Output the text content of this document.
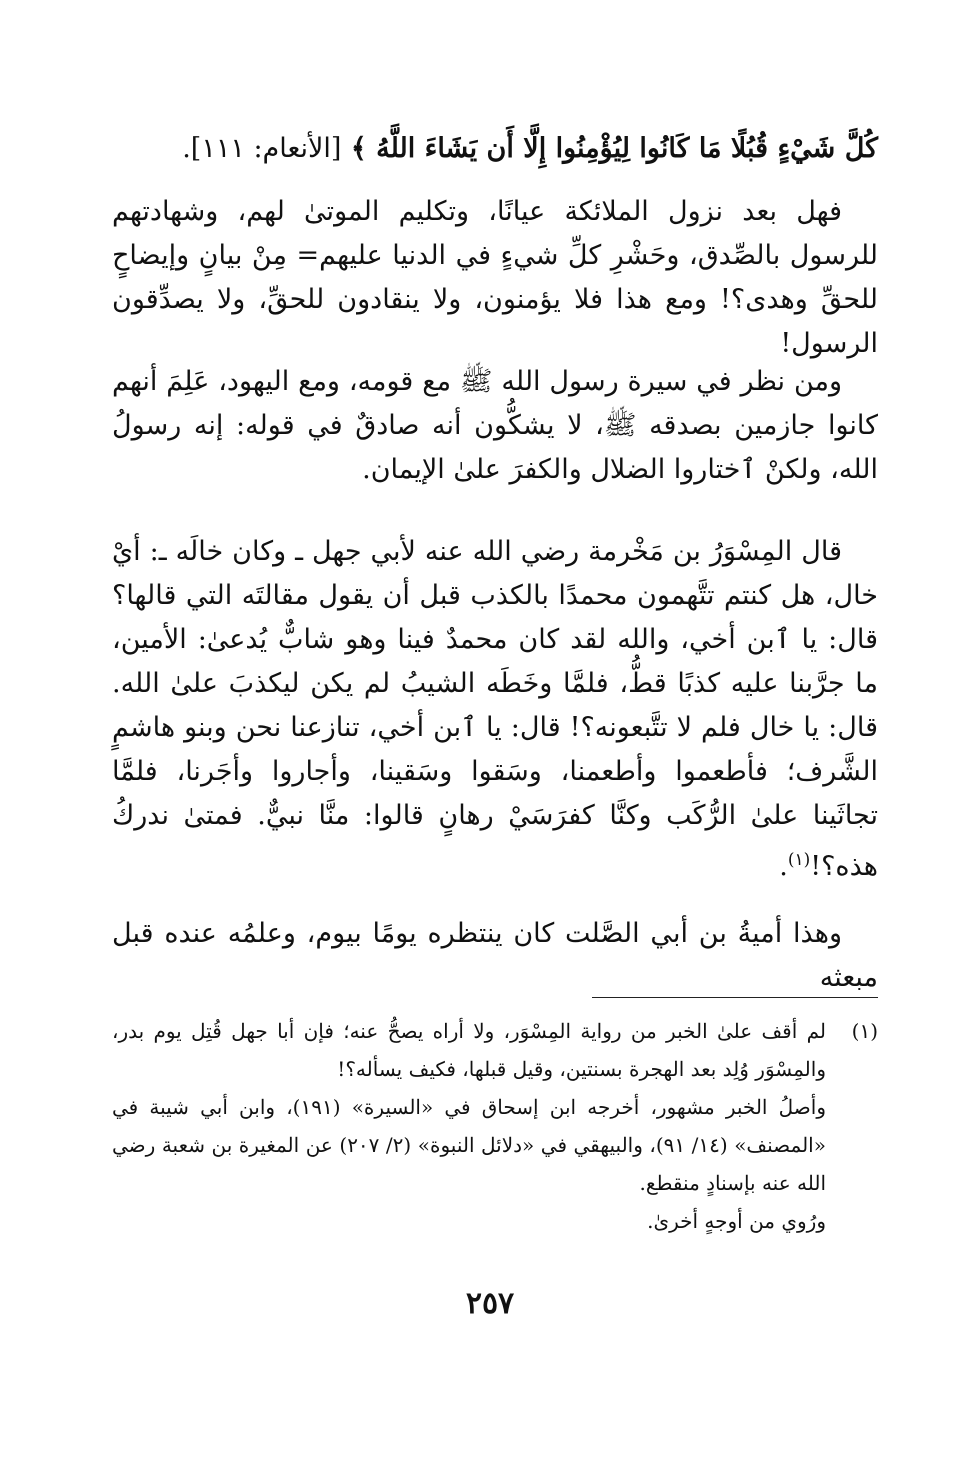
كُلَّ شَيْءٍ قُبُلًا مَا كَانُوا لِيُؤْمِنُوا إِلَّا أَن يَشَاءَ اللَّهُ ﴾ [الأنعام: ١١١].
فهل بعد نزول الملائكة عيانًا، وتكليم الموتىٰ لهم، وشهادتهم للرسول بالصِّدق، وحَشْرِ كلِّ شيءٍ في الدنيا عليهم= مِنْ بيانٍ وإيضاحٍ للحقِّ وهدى؟! ومع هذا فلا يؤمنون، ولا ينقادون للحقِّ، ولا يصدِّقون الرسول!
ومن نظر في سيرة رسول الله ﷺ مع قومه، ومع اليهود، عَلِمَ أنهم كانوا جازمين بصدقه ﷺ، لا يشكُّون أنه صادقٌ في قوله: إنه رسولُ الله، ولكنْ ٱختاروا الضلال والكفرَ علىٰ الإيمان.
قال المِسْوَرُ بن مَخْرمة رضي الله عنه لأبي جهل ـ وكان خالَه ـ: أيْ خال، هل كنتم تتَّهمون محمدًا بالكذب قبل أن يقول مقالتَه التي قالها؟ قال: يا ٱبن أخي، والله لقد كان محمدٌ فينا وهو شابٌّ يُدعىٰ: الأمين، ما جرَّبنا عليه كذبًا قطُّ، فلمَّا وخَطَه الشيبُ لم يكن ليكذبَ علىٰ الله. قال: يا خال فلم لا تتَّبعونه؟! قال: يا ٱبن أخي، تنازعنا نحن وبنو هاشمٍ الشَّرف؛ فأطعموا وأطعمنا، وسَقوا وسَقينا، وأجاروا وأجَرنا، فلمَّا تجاثَينا علىٰ الرُّكَب وكنَّا كفرَسَيْ رهانٍ قالوا: منَّا نبيٌّ. فمتىٰ ندركُ هذه؟!$^{(١)}$.
وهذا أميةُ بن أبي الصَّلت كان ينتظره يومًا بيوم، وعلمُه عنده قبل مبعثه
(١)
لم أقف علىٰ الخبر من رواية المِسْوَر، ولا أراه يصحُّ عنه؛ فإن أبا جهل قُتِل يوم بدر، والمِسْوَر وُلِد بعد الهجرة بسنتين، وقيل قبلها، فكيف يسأله؟!
وأصلُ الخبر مشهور، أخرجه ابن إسحاق في «السيرة» (١٩١)، وابن أبي شيبة في «المصنف» (١٤/ ٩١)، والبيهقي في «دلائل النبوة» (٢/ ٢٠٧) عن المغيرة بن شعبة رضي الله عنه بإسنادٍ منقطع.
ورُوي من أوجهٍ أخرىٰ.
٢٥٧
